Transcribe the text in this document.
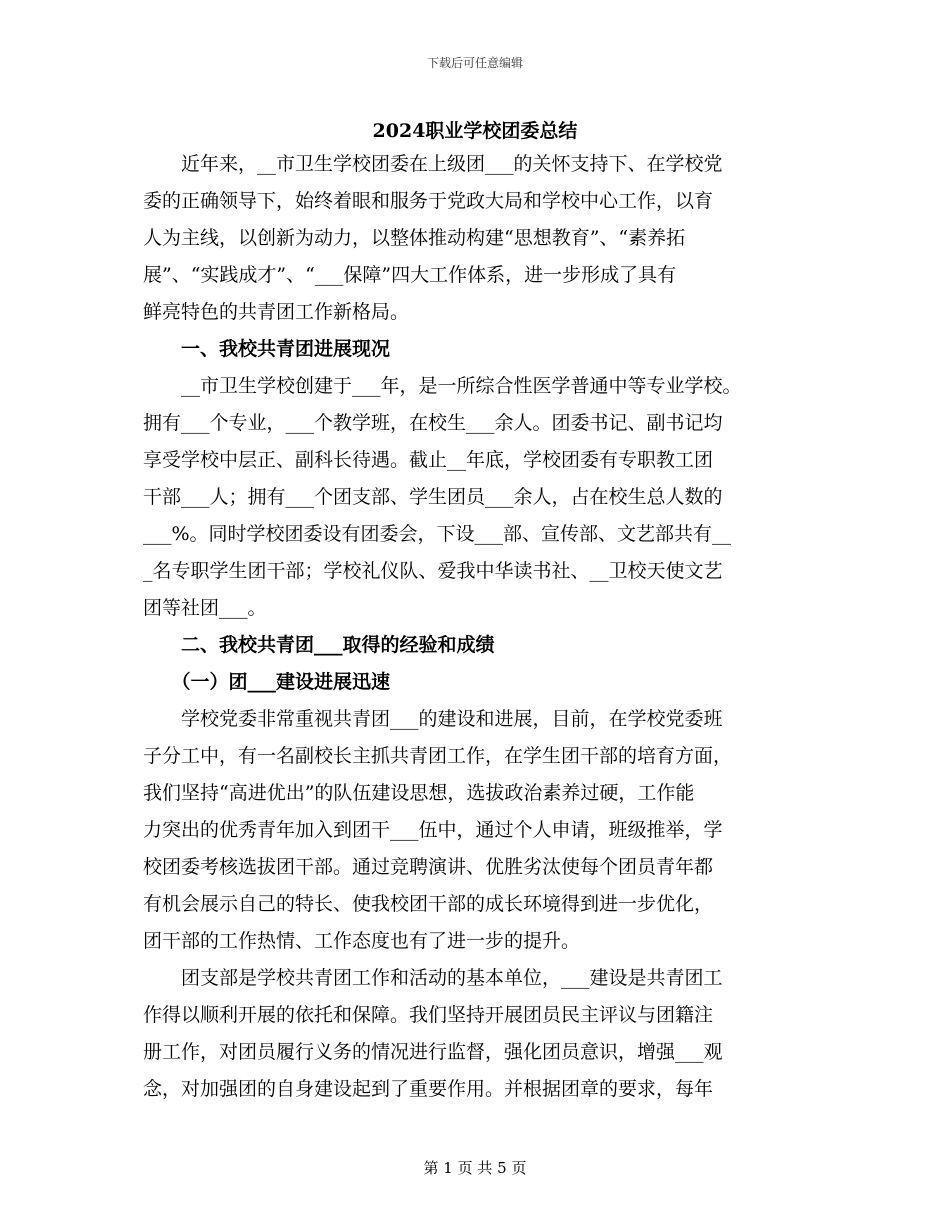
下载后可任意编辑
2024职业学校团委总结
　　近年来，__市卫生学校团委在上级团___的关怀支持下、在学校党
委的正确领导下，始终着眼和服务于党政大局和学校中心工作，以育
人为主线，以创新为动力，以整体推动构建“思想教育”、“素养拓
展”、“实践成才”、“___保障”四大工作体系，进一步形成了具有
鲜亮特色的共青团工作新格局。
　　一、我校共青团进展现况
　　__市卫生学校创建于___年，是一所综合性医学普通中等专业学校。
拥有___个专业，___个教学班，在校生___余人。团委书记、副书记均
享受学校中层正、副科长待遇。截止__年底，学校团委有专职教工团
干部___人；拥有___个团支部、学生团员___余人，占在校生总人数的
___%。同时学校团委设有团委会，下设___部、宣传部、文艺部共有__
_名专职学生团干部；学校礼仪队、爱我中华读书社、__卫校天使文艺
团等社团___。
　　二、我校共青团___取得的经验和成绩
　　（一）团___建设进展迅速
　　学校党委非常重视共青团___的建设和进展，目前，在学校党委班
子分工中，有一名副校长主抓共青团工作，在学生团干部的培育方面，
我们坚持“高进优出”的队伍建设思想，选拔政治素养过硬，工作能
力突出的优秀青年加入到团干___伍中，通过个人申请，班级推举，学
校团委考核选拔团干部。通过竞聘演讲、优胜劣汰使每个团员青年都
有机会展示自己的特长、使我校团干部的成长环境得到进一步优化，
团干部的工作热情、工作态度也有了进一步的提升。
　　团支部是学校共青团工作和活动的基本单位，___建设是共青团工
作得以顺利开展的依托和保障。我们坚持开展团员民主评议与团籍注
册工作，对团员履行义务的情况进行监督，强化团员意识，增强___观
念，对加强团的自身建设起到了重要作用。并根据团章的要求，每年
第 1 页 共 5 页
